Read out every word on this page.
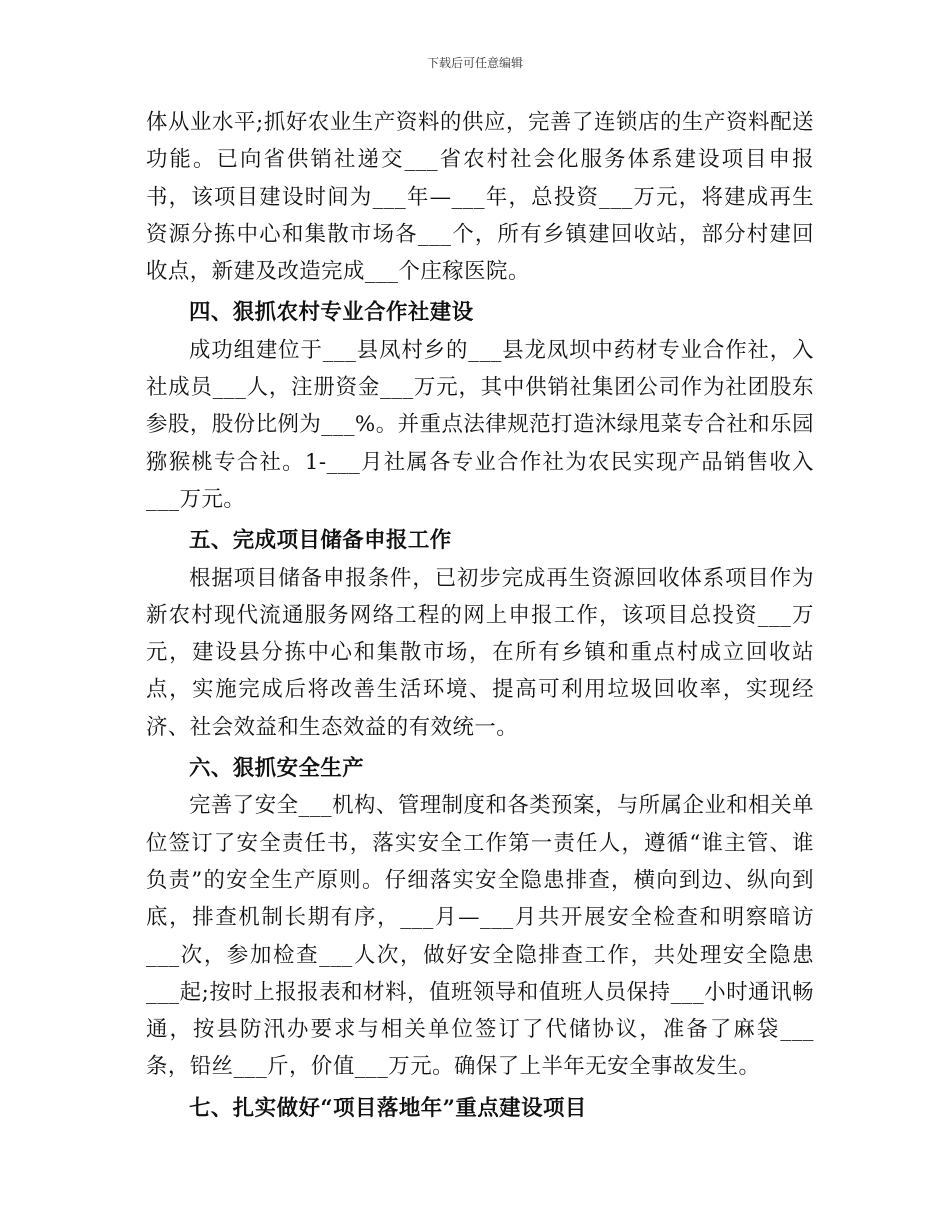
下载后可任意编辑

体从业水平;抓好农业生产资料的供应，完善了连锁店的生产资料配送功能。已向省供销社递交___省农村社会化服务体系建设项目申报书，该项目建设时间为___年—___年，总投资___万元，将建成再生资源分拣中心和集散市场各___个，所有乡镇建回收站，部分村建回收点，新建及改造完成___个庄稼医院。

四、狠抓农村专业合作社建设

成功组建位于___县凤村乡的___县龙凤坝中药材专业合作社，入社成员___人，注册资金___万元，其中供销社集团公司作为社团股东参股，股份比例为___%。并重点法律规范打造沐绿甩菜专合社和乐园猕猴桃专合社。1-___月社属各专业合作社为农民实现产品销售收入___万元。

五、完成项目储备申报工作

根据项目储备申报条件，已初步完成再生资源回收体系项目作为新农村现代流通服务网络工程的网上申报工作，该项目总投资___万元，建设县分拣中心和集散市场，在所有乡镇和重点村成立回收站点，实施完成后将改善生活环境、提高可利用垃圾回收率，实现经济、社会效益和生态效益的有效统一。

六、狠抓安全生产

完善了安全___机构、管理制度和各类预案，与所属企业和相关单位签订了安全责任书，落实安全工作第一责任人，遵循“谁主管、谁负责”的安全生产原则。仔细落实安全隐患排查，横向到边、纵向到底，排查机制长期有序，___月—___月共开展安全检查和明察暗访___次，参加检查___人次，做好安全隐排查工作，共处理安全隐患___起;按时上报报表和材料，值班领导和值班人员保持___小时通讯畅通，按县防汛办要求与相关单位签订了代储协议，准备了麻袋___条，铅丝___斤，价值___万元。确保了上半年无安全事故发生。

七、扎实做好“项目落地年”重点建设项目
